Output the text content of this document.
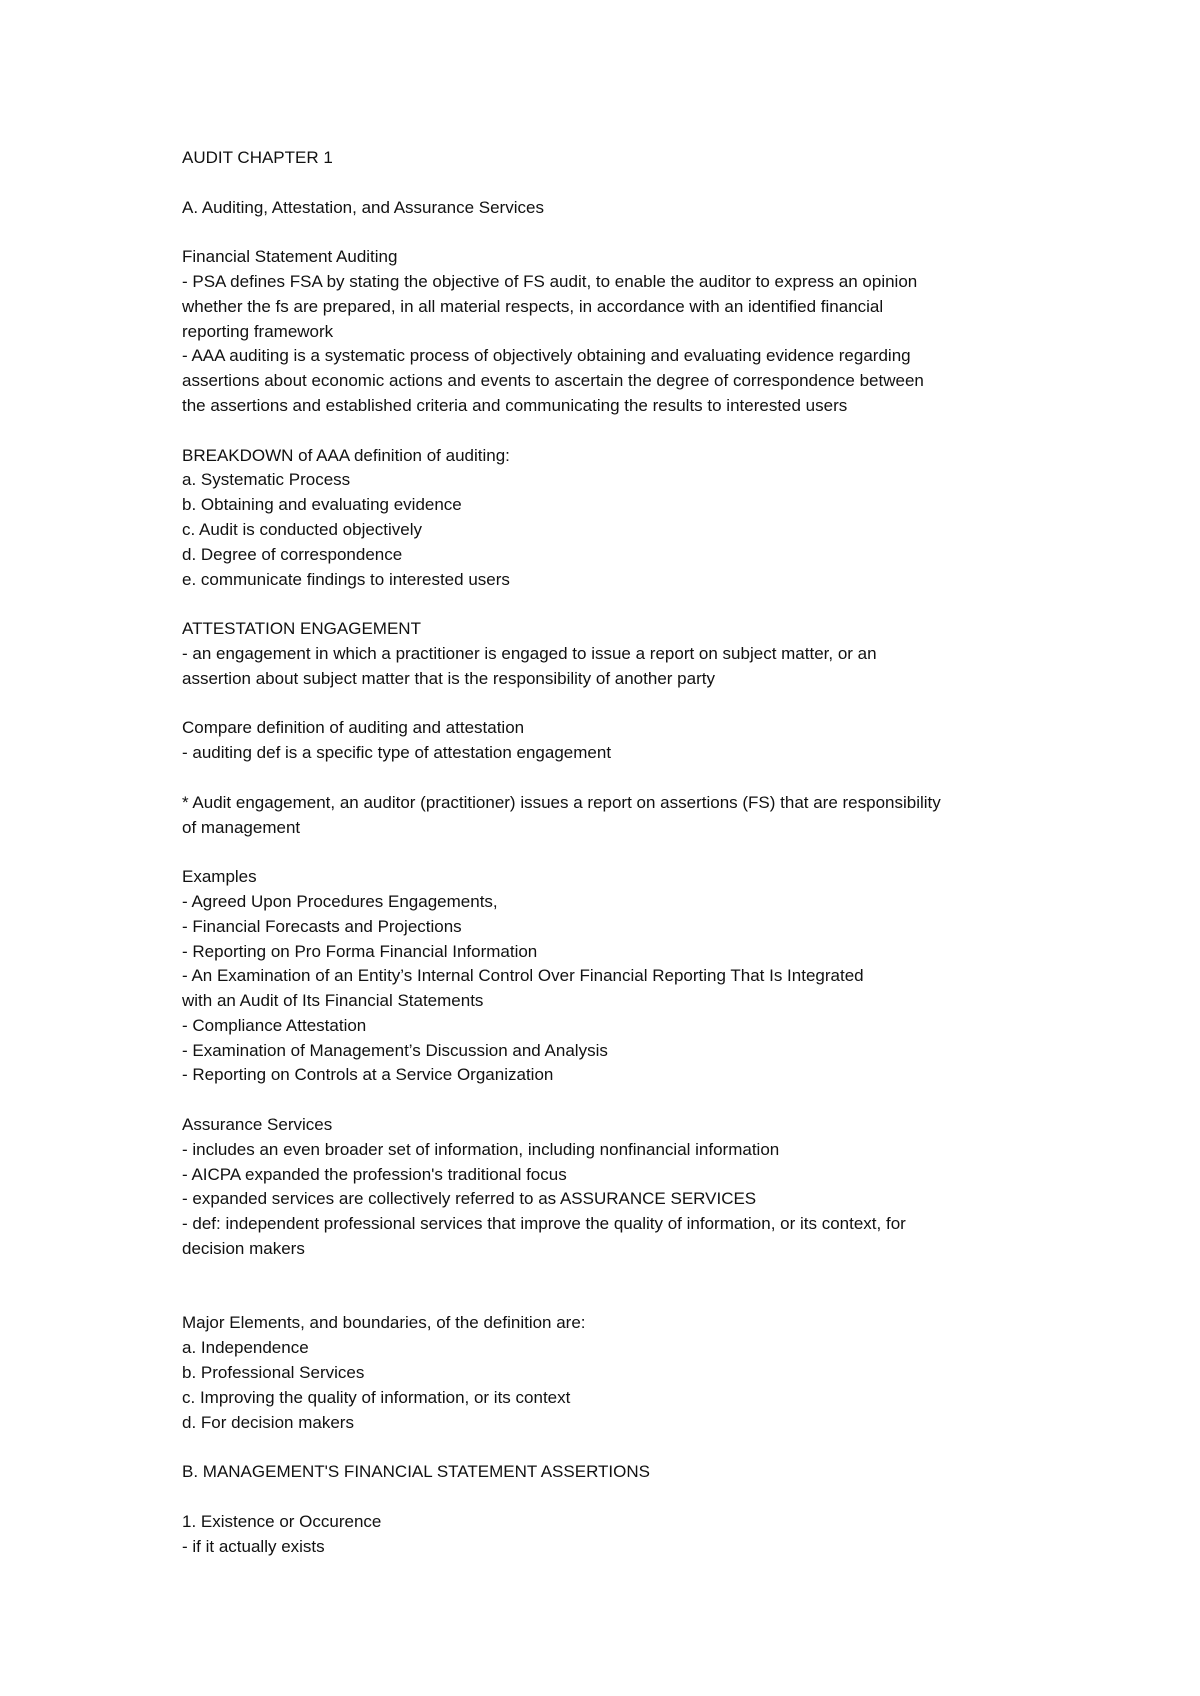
AUDIT CHAPTER 1
A. Auditing, Attestation, and Assurance Services
Financial Statement Auditing
- PSA defines FSA by stating the objective of FS audit, to enable the auditor to express an opinion
whether the fs are prepared, in all material respects, in accordance with an identified financial
reporting framework
- AAA auditing is a systematic process of objectively obtaining and evaluating evidence regarding
assertions about economic actions and events to ascertain the degree of correspondence between
the assertions and established criteria and communicating the results to interested users
BREAKDOWN of AAA definition of auditing:
a. Systematic Process
b. Obtaining and evaluating evidence
c. Audit is conducted objectively
d. Degree of correspondence
e. communicate findings to interested users
ATTESTATION ENGAGEMENT
- an engagement in which a practitioner is engaged to issue a report on subject matter, or an
assertion about subject matter that is the responsibility of another party
Compare definition of auditing and attestation
- auditing def is a specific type of attestation engagement
* Audit engagement, an auditor (practitioner) issues a report on assertions (FS) that are responsibility
of management
Examples
- Agreed Upon Procedures Engagements,
- Financial Forecasts and Projections
- Reporting on Pro Forma Financial Information
- An Examination of an Entity’s Internal Control Over Financial Reporting That Is Integrated
with an Audit of Its Financial Statements
- Compliance Attestation
- Examination of Management’s Discussion and Analysis
- Reporting on Controls at a Service Organization
Assurance Services
- includes an even broader set of information, including nonfinancial information
- AICPA expanded the profession's traditional focus
- expanded services are collectively referred to as ASSURANCE SERVICES
- def: independent professional services that improve the quality of information, or its context, for
decision makers
Major Elements, and boundaries, of the definition are:
a. Independence
b. Professional Services
c. Improving the quality of information, or its context
d. For decision makers
B. MANAGEMENT'S FINANCIAL STATEMENT ASSERTIONS
1. Existence or Occurence
- if it actually exists
